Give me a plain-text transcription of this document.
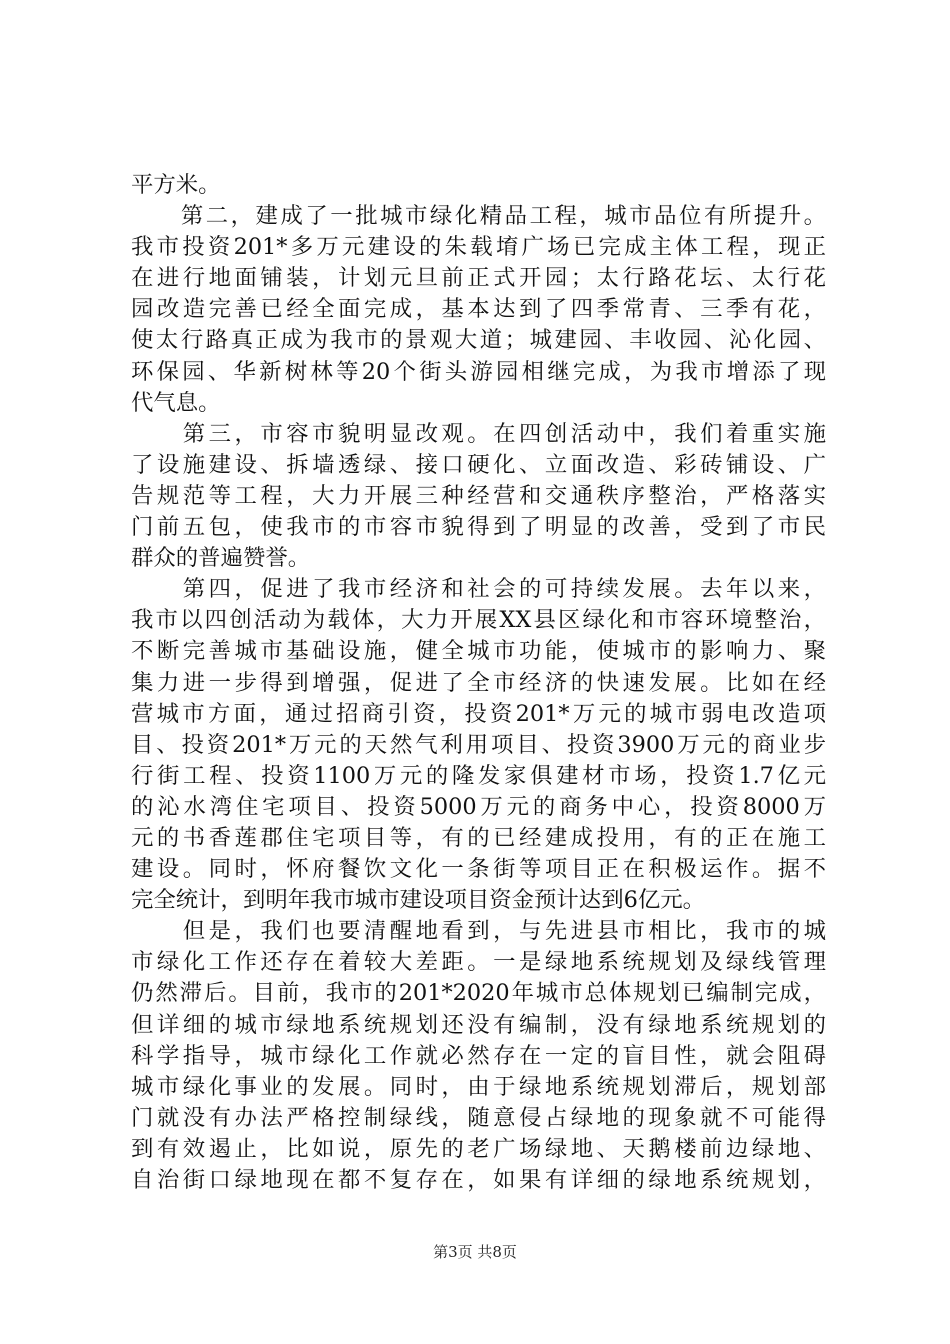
平方米。
　　第二，建成了一批城市绿化精品工程，城市品位有所提升。
我市投资201*多万元建设的朱载堉广场已完成主体工程，现正
在进行地面铺装，计划元旦前正式开园；太行路花坛、太行花
园改造完善已经全面完成，基本达到了四季常青、三季有花，
使太行路真正成为我市的景观大道；城建园、丰收园、沁化园、
环保园、华新树林等20个街头游园相继完成，为我市增添了现
代气息。
　　第三，市容市貌明显改观。在四创活动中，我们着重实施
了设施建设、拆墙透绿、接口硬化、立面改造、彩砖铺设、广
告规范等工程，大力开展三种经营和交通秩序整治，严格落实
门前五包，使我市的市容市貌得到了明显的改善，受到了市民
群众的普遍赞誉。
　　第四，促进了我市经济和社会的可持续发展。去年以来，
我市以四创活动为载体，大力开展XX县区绿化和市容环境整治，
不断完善城市基础设施，健全城市功能，使城市的影响力、聚
集力进一步得到增强，促进了全市经济的快速发展。比如在经
营城市方面，通过招商引资，投资201*万元的城市弱电改造项
目、投资201*万元的天然气利用项目、投资3900万元的商业步
行街工程、投资1100万元的隆发家俱建材市场，投资1.7亿元
的沁水湾住宅项目、投资5000万元的商务中心，投资8000万
元的书香莲郡住宅项目等，有的已经建成投用，有的正在施工
建设。同时，怀府餐饮文化一条街等项目正在积极运作。据不
完全统计，到明年我市城市建设项目资金预计达到6亿元。
　　但是，我们也要清醒地看到，与先进县市相比，我市的城
市绿化工作还存在着较大差距。一是绿地系统规划及绿线管理
仍然滞后。目前，我市的201*2020年城市总体规划已编制完成，
但详细的城市绿地系统规划还没有编制，没有绿地系统规划的
科学指导，城市绿化工作就必然存在一定的盲目性，就会阻碍
城市绿化事业的发展。同时，由于绿地系统规划滞后，规划部
门就没有办法严格控制绿线，随意侵占绿地的现象就不可能得
到有效遏止，比如说，原先的老广场绿地、天鹅楼前边绿地、
自治街口绿地现在都不复存在，如果有详细的绿地系统规划，
第3页 共8页
